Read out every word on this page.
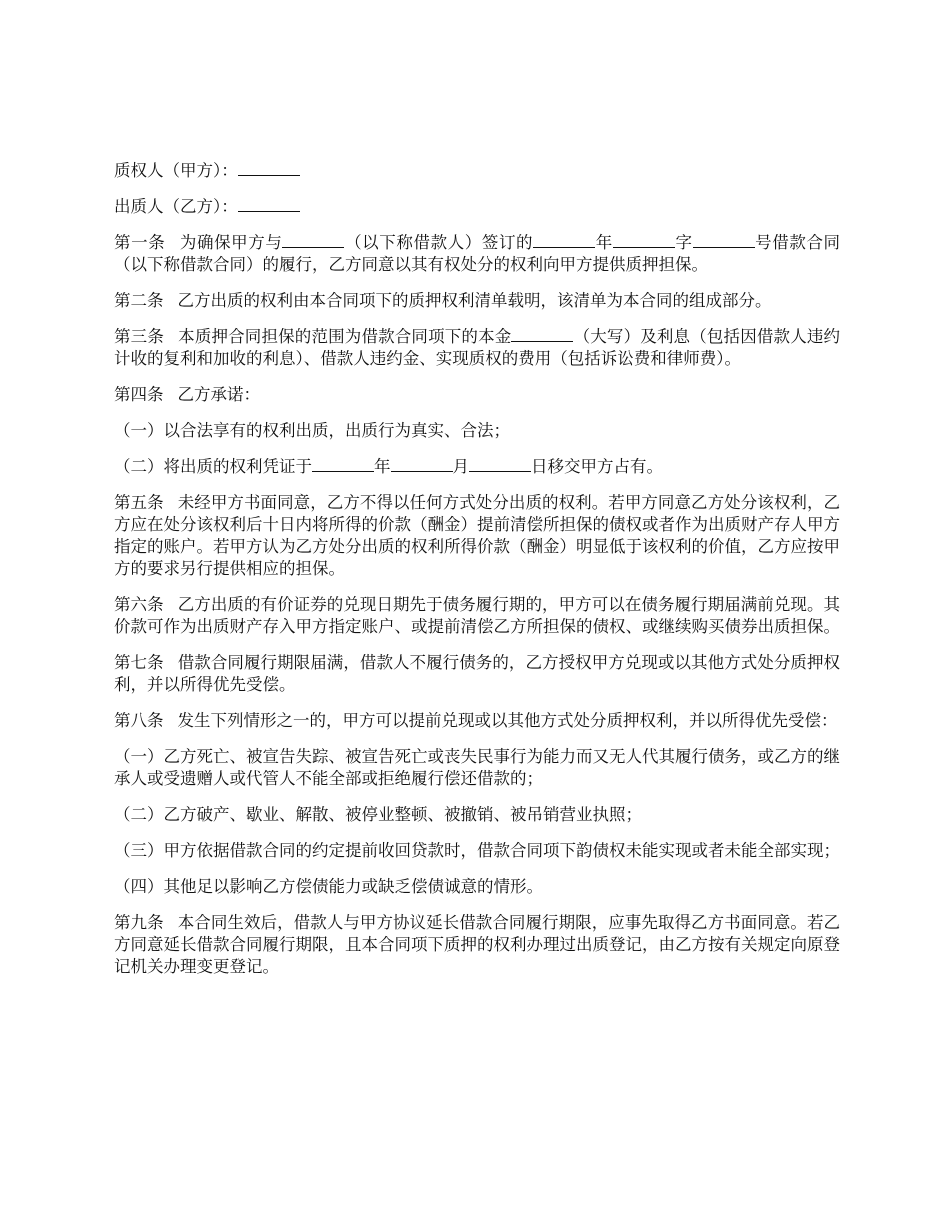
质权人（甲方）：

出质人（乙方）：

第一条 为确保甲方与	（以下称借款人）签订的	年	字	号借款合同（以下称借款合同）的履行，乙方同意以其有权处分的权利向甲方提供质押担保。

第二条 乙方出质的权利由本合同项下的质押权利清单载明，该清单为本合同的组成部分。

第三条 本质押合同担保的范围为借款合同项下的本金	（大写）及利息（包括因借款人违约计收的复利和加收的利息）、借款人违约金、实现质权的费用（包括诉讼费和律师费）。

第四条 乙方承诺：

（一）以合法享有的权利出质，出质行为真实、合法；

（二）将出质的权利凭证于	年	月	日移交甲方占有。

第五条 未经甲方书面同意，乙方不得以任何方式处分出质的权利。若甲方同意乙方处分该权利，乙方应在处分该权利后十日内将所得的价款（酬金）提前清偿所担保的债权或者作为出质财产存人甲方指定的账户。若甲方认为乙方处分出质的权利所得价款（酬金）明显低于该权利的价值，乙方应按甲方的要求另行提供相应的担保。

第六条 乙方出质的有价证券的兑现日期先于债务履行期的，甲方可以在债务履行期届满前兑现。其价款可作为出质财产存入甲方指定账户、或提前清偿乙方所担保的债权、或继续购买债券出质担保。

第七条 借款合同履行期限届满，借款人不履行债务的，乙方授权甲方兑现或以其他方式处分质押权利，并以所得优先受偿。

第八条 发生下列情形之一的，甲方可以提前兑现或以其他方式处分质押权利，并以所得优先受偿：

（一）乙方死亡、被宣告失踪、被宣告死亡或丧失民事行为能力而又无人代其履行债务，或乙方的继承人或受遗赠人或代管人不能全部或拒绝履行偿还借款的；

（二）乙方破产、歇业、解散、被停业整顿、被撤销、被吊销营业执照；

（三）甲方依据借款合同的约定提前收回贷款时，借款合同项下韵债权未能实现或者未能全部实现；

（四）其他足以影响乙方偿债能力或缺乏偿债诚意的情形。

第九条 本合同生效后，借款人与甲方协议延长借款合同履行期限，应事先取得乙方书面同意。若乙方同意延长借款合同履行期限，且本合同项下质押的权利办理过出质登记，由乙方按有关规定向原登记机关办理变更登记。
